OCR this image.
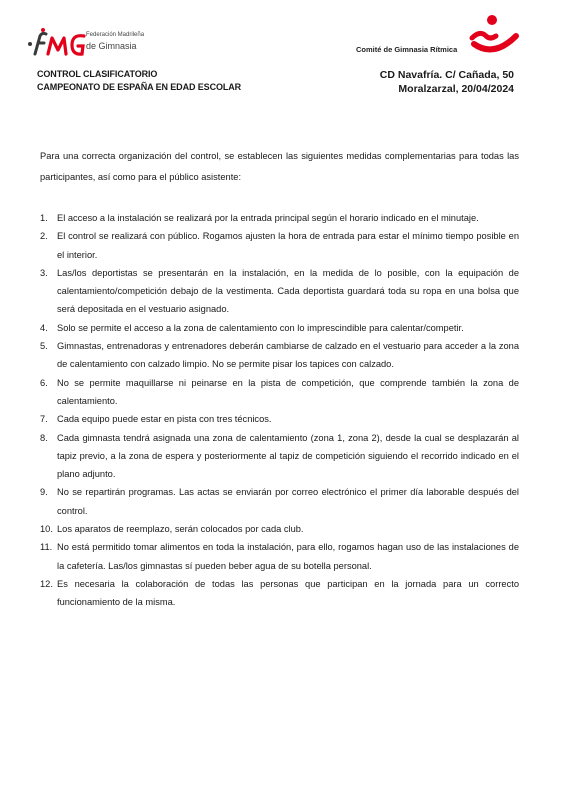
Federación Madrileña
de Gimnasia	Comité de Gimnasia Rítmica
CONTROL CLASIFICATORIO
CAMPEONATO DE ESPAÑA EN EDAD ESCOLAR
CD Navafría. C/ Cañada, 50
Moralzarzal, 20/04/2024

Para una correcta organización del control, se establecen las siguientes medidas complementarias para todas las participantes, así como para el público asistente:

1. El acceso a la instalación se realizará por la entrada principal según el horario indicado en el minutaje.
2. El control se realizará con público. Rogamos ajusten la hora de entrada para estar el mínimo tiempo posible en el interior.
3. Las/los deportistas se presentarán en la instalación, en la medida de lo posible, con la equipación de calentamiento/competición debajo de la vestimenta. Cada deportista guardará toda su ropa en una bolsa que será depositada en el vestuario asignado.
4. Solo se permite el acceso a la zona de calentamiento con lo imprescindible para calentar/competir.
5. Gimnastas, entrenadoras y entrenadores deberán cambiarse de calzado en el vestuario para acceder a la zona de calentamiento con calzado limpio. No se permite pisar los tapices con calzado.
6. No se permite maquillarse ni peinarse en la pista de competición, que comprende también la zona de calentamiento.
7. Cada equipo puede estar en pista con tres técnicos.
8. Cada gimnasta tendrá asignada una zona de calentamiento (zona 1, zona 2), desde la cual se desplazarán al tapiz previo, a la zona de espera y posteriormente al tapiz de competición siguiendo el recorrido indicado en el plano adjunto.
9. No se repartirán programas. Las actas se enviarán por correo electrónico el primer día laborable después del control.
10. Los aparatos de reemplazo, serán colocados por cada club.
11. No está permitido tomar alimentos en toda la instalación, para ello, rogamos hagan uso de las instalaciones de la cafetería. Las/los gimnastas sí pueden beber agua de su botella personal.
12. Es necesaria la colaboración de todas las personas que participan en la jornada para un correcto funcionamiento de la misma.
